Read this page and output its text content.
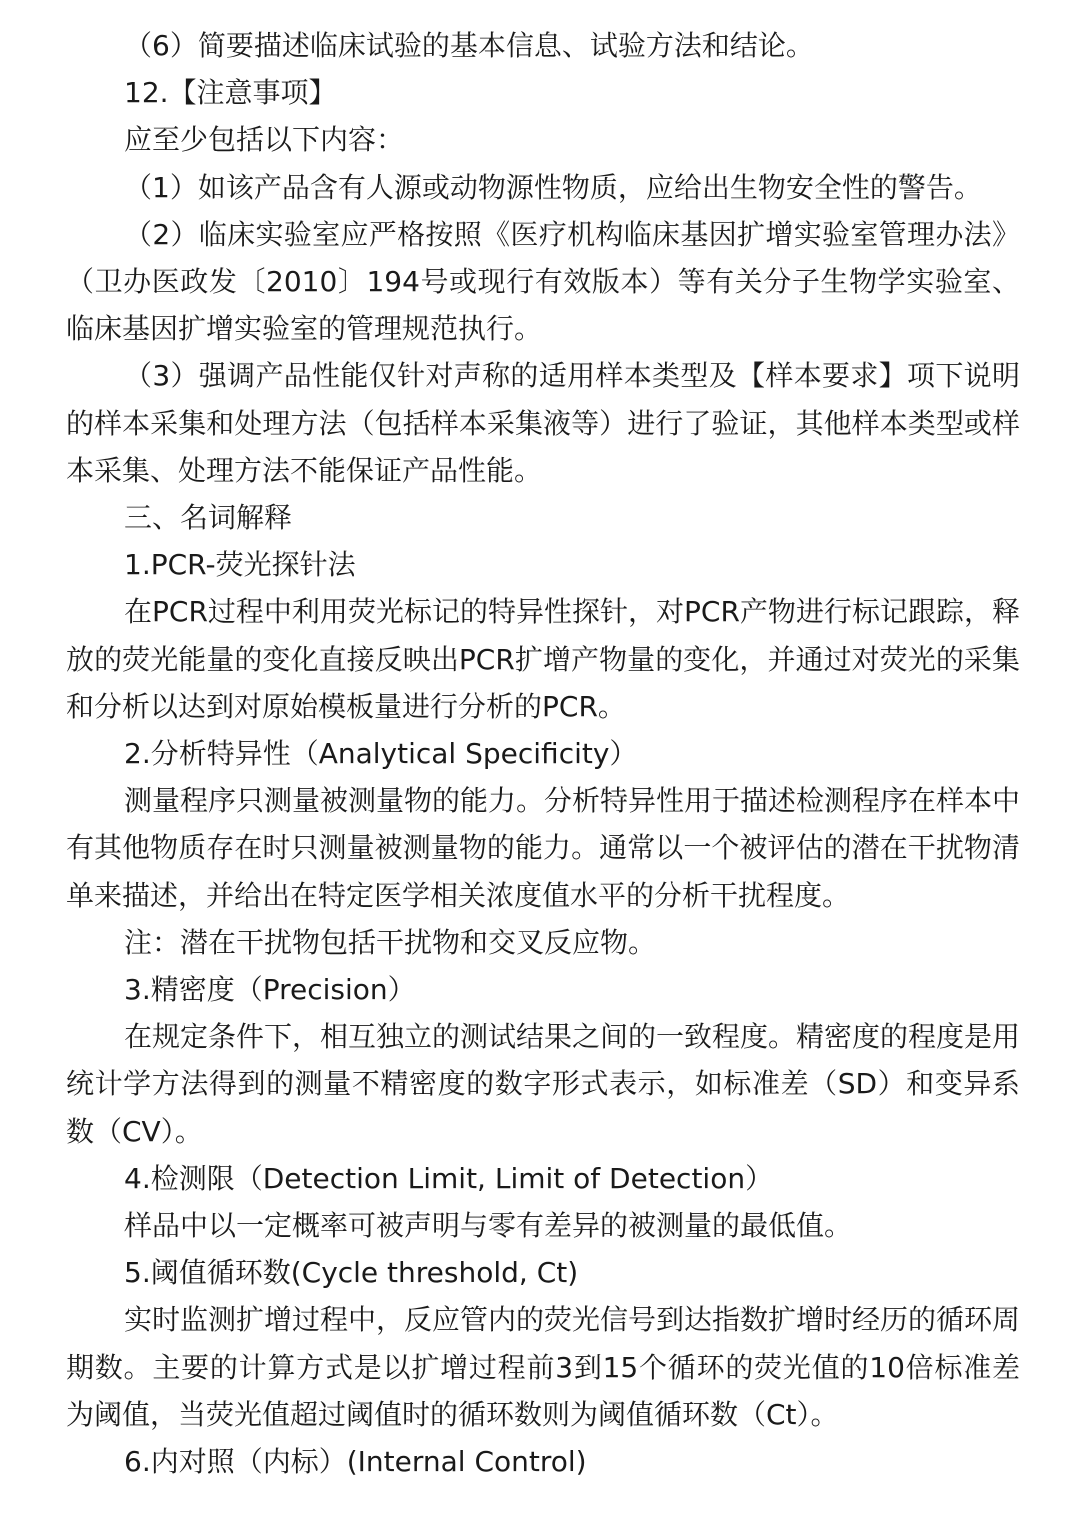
（6）简要描述临床试验的基本信息、试验方法和结论。

12.【注意事项】

应至少包括以下内容：

（1）如该产品含有人源或动物源性物质，应给出生物安全性的警告。

（2）临床实验室应严格按照《医疗机构临床基因扩增实验室管理办法》（卫办医政发〔2010〕194号或现行有效版本）等有关分子生物学实验室、临床基因扩增实验室的管理规范执行。

（3）强调产品性能仅针对声称的适用样本类型及【样本要求】项下说明的样本采集和处理方法（包括样本采集液等）进行了验证，其他样本类型或样本采集、处理方法不能保证产品性能。

三、名词解释

1.PCR-荧光探针法

在PCR过程中利用荧光标记的特异性探针，对PCR产物进行标记跟踪，释放的荧光能量的变化直接反映出PCR扩增产物量的变化，并通过对荧光的采集和分析以达到对原始模板量进行分析的PCR。

2.分析特异性（Analytical Specificity）

测量程序只测量被测量物的能力。分析特异性用于描述检测程序在样本中有其他物质存在时只测量被测量物的能力。通常以一个被评估的潜在干扰物清单来描述，并给出在特定医学相关浓度值水平的分析干扰程度。

注：潜在干扰物包括干扰物和交叉反应物。

3.精密度（Precision）

在规定条件下，相互独立的测试结果之间的一致程度。精密度的程度是用统计学方法得到的测量不精密度的数字形式表示，如标准差（SD）和变异系数（CV）。

4.检测限（Detection Limit, Limit of Detection）

样品中以一定概率可被声明与零有差异的被测量的最低值。

5.阈值循环数(Cycle threshold, Ct)

实时监测扩增过程中，反应管内的荧光信号到达指数扩增时经历的循环周期数。主要的计算方式是以扩增过程前3到15个循环的荧光值的10倍标准差为阈值，当荧光值超过阈值时的循环数则为阈值循环数（Ct）。

6.内对照（内标）(Internal Control)
